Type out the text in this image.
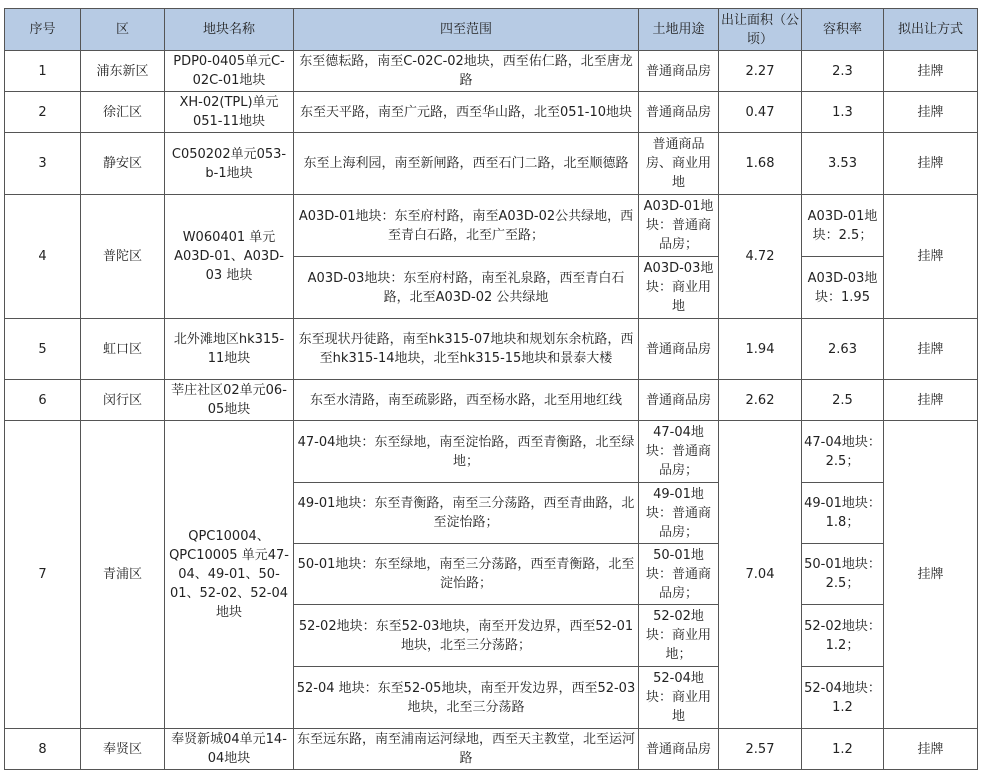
序号	区	地块名称	四至范围	土地用途	出让面积（公顷）	容积率	拟出让方式
1	浦东新区	PDP0-0405单元C-02C-01地块	东至德耘路，南至C-02C-02地块，西至佑仁路，北至唐龙路	普通商品房	2.27	2.3	挂牌
2	徐汇区	XH-02(TPL)单元051-11地块	东至天平路，南至广元路，西至华山路，北至051-10地块	普通商品房	0.47	1.3	挂牌
3	静安区	C050202单元053-b-1地块	东至上海利园，南至新闸路，西至石门二路，北至顺德路	普通商品房、商业用地	1.68	3.53	挂牌
4	普陀区	W060401 单元A03D-01、A03D-03 地块	A03D-01地块：东至府村路，南至A03D-02公共绿地，西至青白石路，北至广至路；	A03D-01地块：普通商品房；	4.72	A03D-01地块：2.5；	挂牌
			A03D-03地块：东至府村路，南至礼泉路，西至青白石路，北至A03D-02 公共绿地	A03D-03地块：商业用地		A03D-03地块：1.95	
5	虹口区	北外滩地区hk315-11地块	东至现状丹徒路，南至hk315-07地块和规划东余杭路，西至hk315-14地块，北至hk315-15地块和景泰大楼	普通商品房	1.94	2.63	挂牌
6	闵行区	莘庄社区02单元06-05地块	东至水清路，南至疏影路，西至杨水路，北至用地红线	普通商品房	2.62	2.5	挂牌
7	青浦区	QPC10004、QPC10005 单元47-04、49-01、50-01、52-02、52-04 地块	47-04地块：东至绿地，南至淀怡路，西至青衡路，北至绿地；	47-04地块：普通商品房；	7.04	47-04地块：2.5；	挂牌
			49-01地块：东至青衡路，南至三分荡路，西至青曲路，北至淀怡路；	49-01地块：普通商品房；		49-01地块：1.8；	
			50-01地块：东至绿地，南至三分荡路，西至青衡路，北至淀怡路；	50-01地块：普通商品房；		50-01地块：2.5；	
			52-02地块：东至52-03地块，南至开发边界，西至52-01地块，北至三分荡路；	52-02地块：商业用地；		52-02地块：1.2；	
			52-04 地块：东至52-05地块，南至开发边界，西至52-03地块，北至三分荡路	52-04地块：商业用地		52-04地块：1.2	
8	奉贤区	奉贤新城04单元14-04地块	东至远东路，南至浦南运河绿地，西至天主教堂，北至运河路	普通商品房	2.57	1.2	挂牌
